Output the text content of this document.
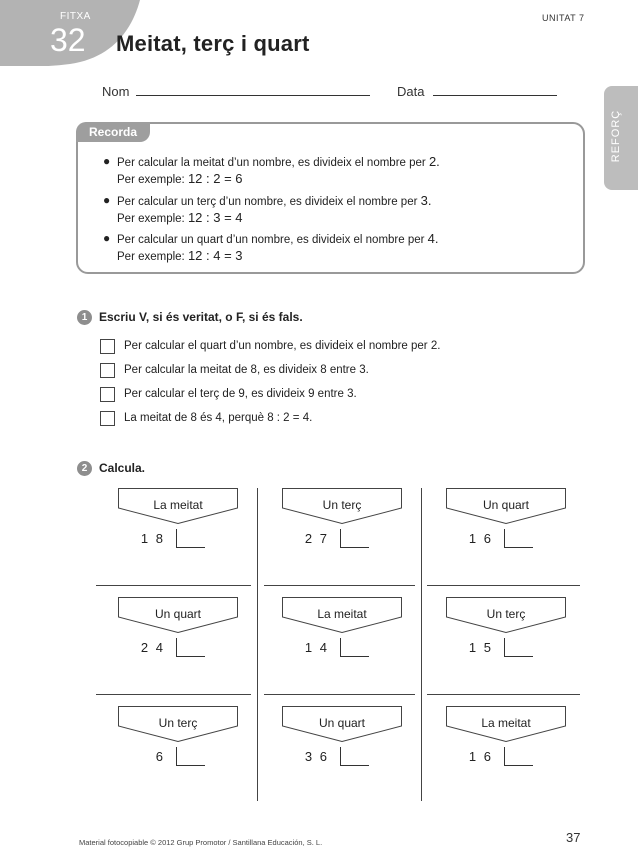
FITXA
32 Meitat, terç i quart
UNITAT 7
REFORÇ
Nom	Data
Recorda
● Per calcular la meitat d’un nombre, es divideix el nombre per 2.
Per exemple: 12 : 2 = 6
● Per calcular un terç d’un nombre, es divideix el nombre per 3.
Per exemple: 12 : 3 = 4
● Per calcular un quart d’un nombre, es divideix el nombre per 4.
Per exemple: 12 : 4 = 3
1 Escriu V, si és veritat, o F, si és fals.
Per calcular el quart d’un nombre, es divideix el nombre per 2.
Per calcular la meitat de 8, es divideix 8 entre 3.
Per calcular el terç de 9, es divideix 9 entre 3.
La meitat de 8 és 4, perquè 8 : 2 = 4.
2 Calcula.
La meitat
1 8
Un terç
2 7
Un quart
1 6
Un quart
2 4
La meitat
1 4
Un terç
1 5
Un terç
6
Un quart
3 6
La meitat
1 6
Material fotocopiable © 2012 Grup Promotor / Santillana Educación, S. L.	37
